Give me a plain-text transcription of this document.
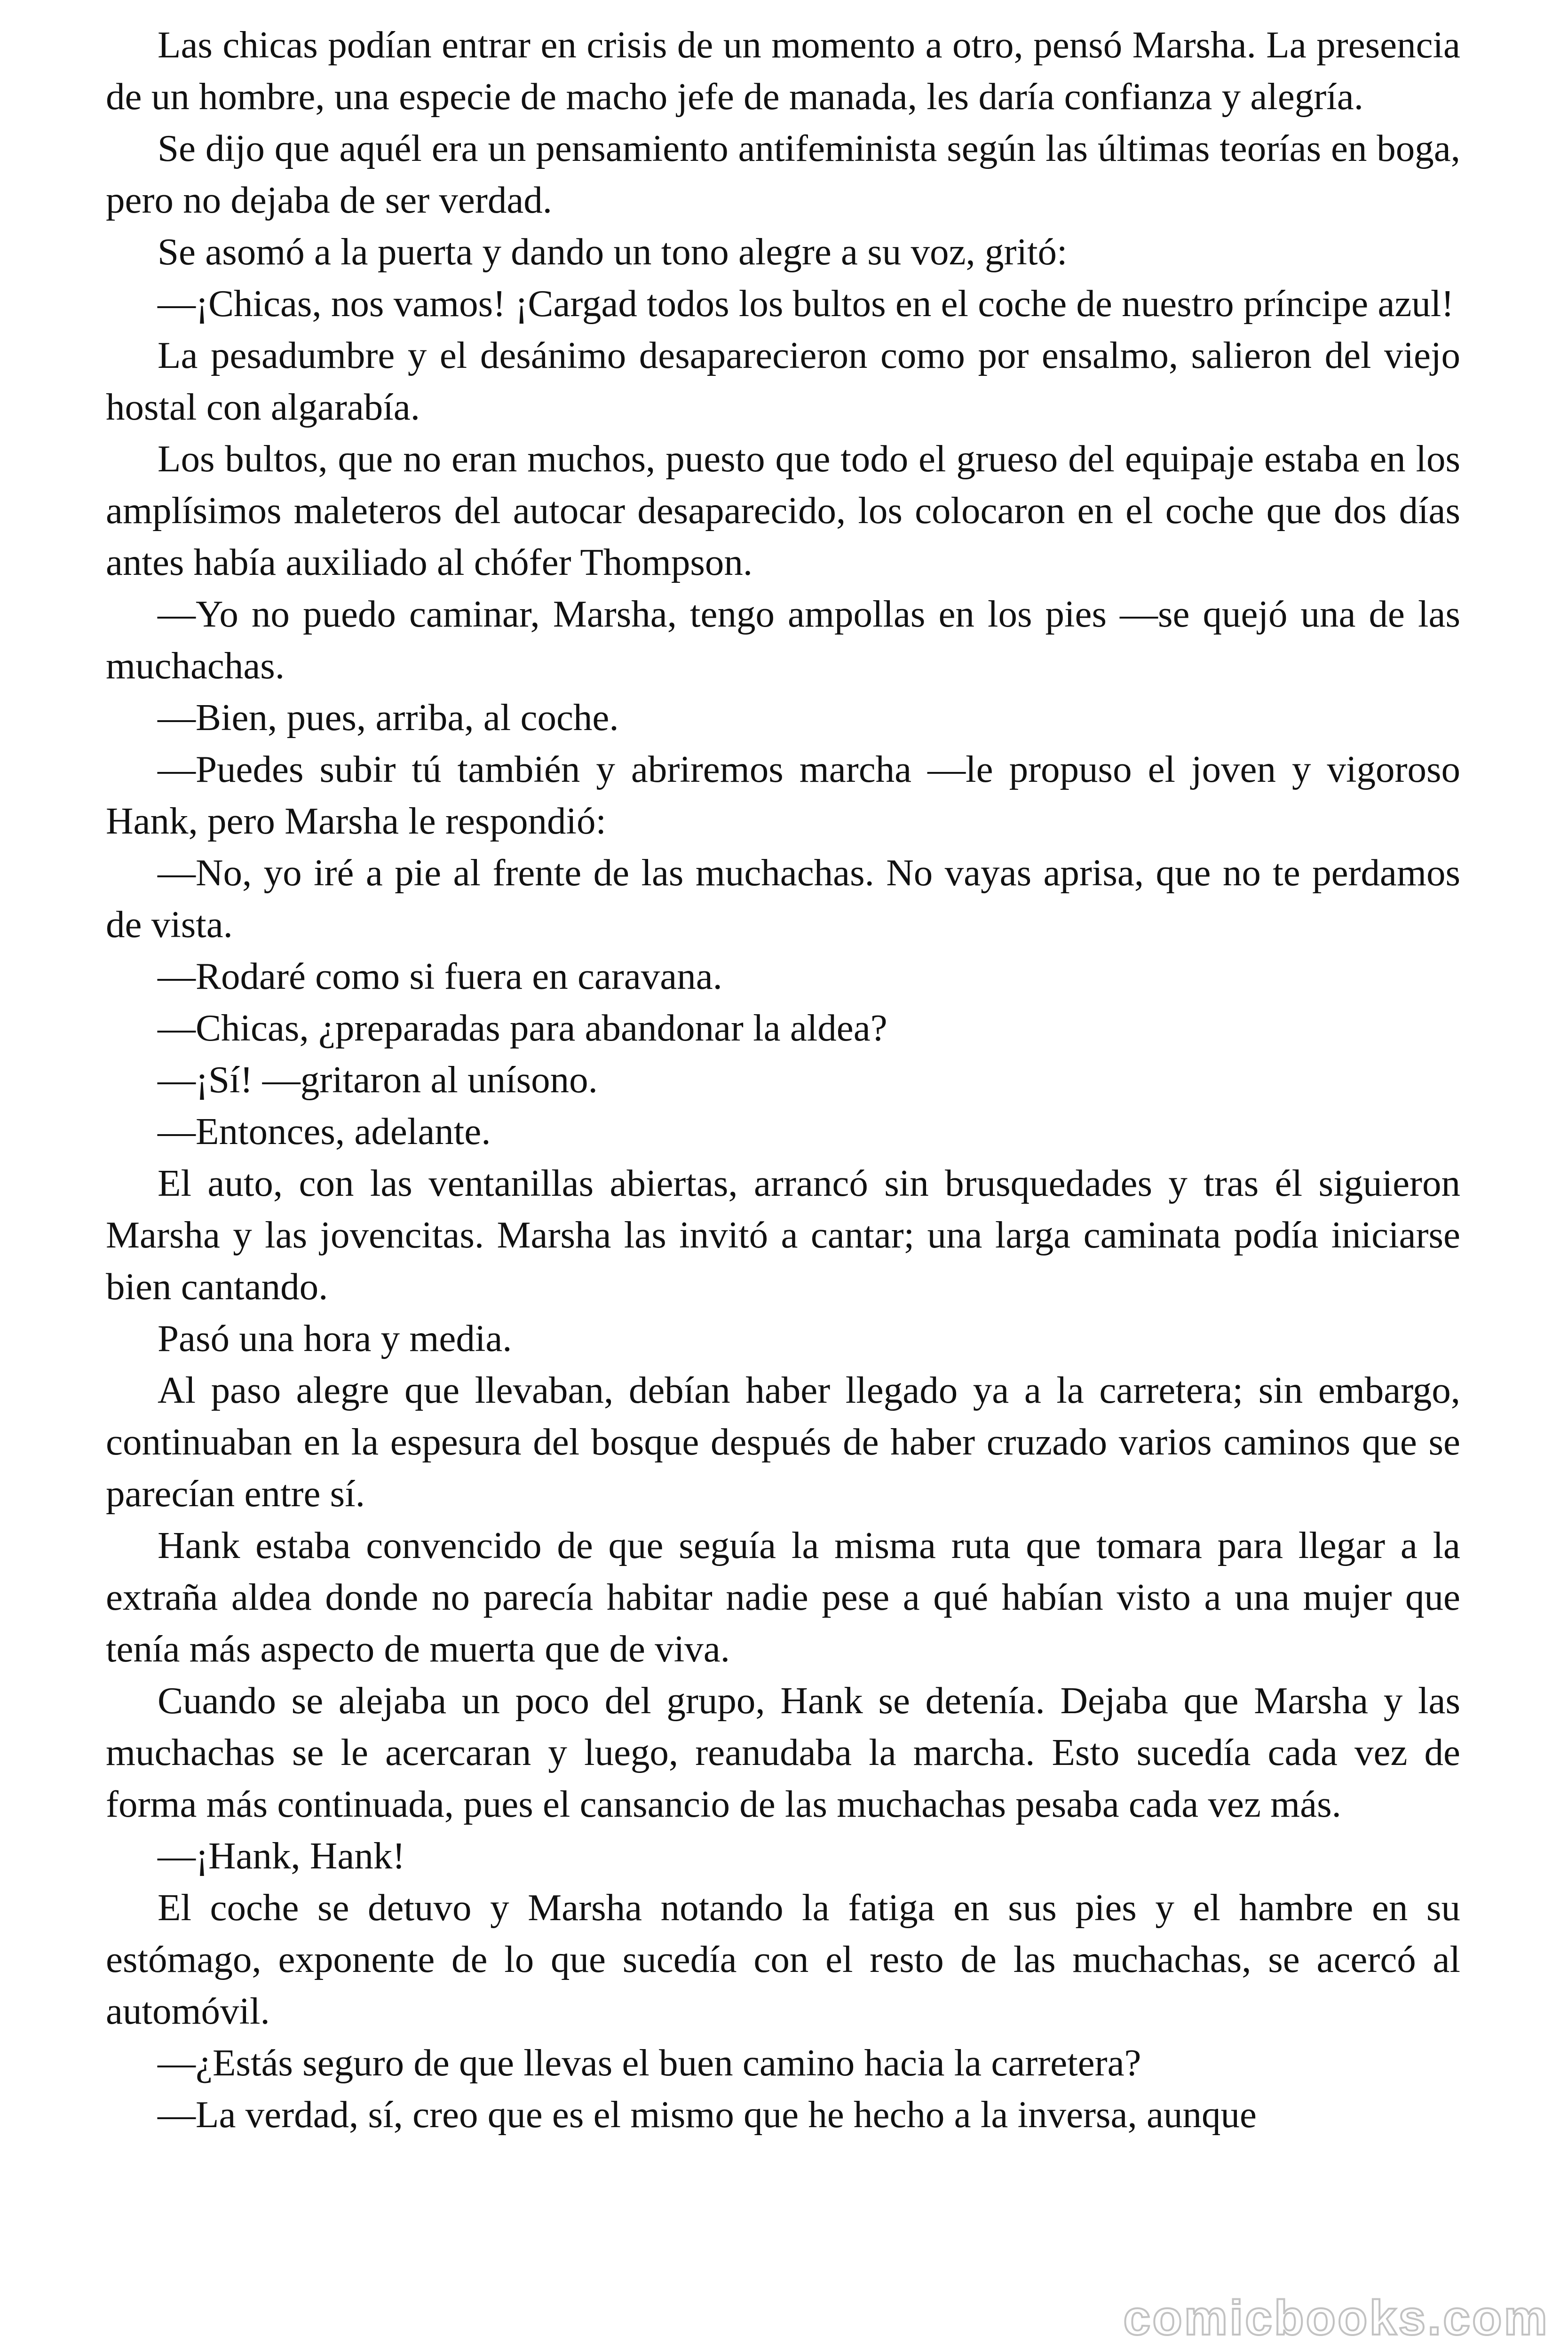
Las chicas podían entrar en crisis de un momento a otro, pensó Marsha. La presencia de un hombre, una especie de macho jefe de manada, les daría confianza y alegría.

Se dijo que aquél era un pensamiento antifeminista según las últimas teorías en boga, pero no dejaba de ser verdad.

Se asomó a la puerta y dando un tono alegre a su voz, gritó:

—¡Chicas, nos vamos! ¡Cargad todos los bultos en el coche de nuestro príncipe azul!

La pesadumbre y el desánimo desaparecieron como por ensalmo, salieron del viejo hostal con algarabía.

Los bultos, que no eran muchos, puesto que todo el grueso del equipaje estaba en los amplísimos maleteros del autocar desaparecido, los colocaron en el coche que dos días antes había auxiliado al chófer Thompson.

—Yo no puedo caminar, Marsha, tengo ampollas en los pies —se quejó una de las muchachas.

—Bien, pues, arriba, al coche.

—Puedes subir tú también y abriremos marcha —le propuso el joven y vigoroso Hank, pero Marsha le respondió:

—No, yo iré a pie al frente de las muchachas. No vayas aprisa, que no te perdamos de vista.

—Rodaré como si fuera en caravana.

—Chicas, ¿preparadas para abandonar la aldea?

—¡Sí! —gritaron al unísono.

—Entonces, adelante.

El auto, con las ventanillas abiertas, arrancó sin brusquedades y tras él siguieron Marsha y las jovencitas. Marsha las invitó a cantar; una larga caminata podía iniciarse bien cantando.

Pasó una hora y media.

Al paso alegre que llevaban, debían haber llegado ya a la carretera; sin embargo, continuaban en la espesura del bosque después de haber cruzado varios caminos que se parecían entre sí.

Hank estaba convencido de que seguía la misma ruta que tomara para llegar a la extraña aldea donde no parecía habitar nadie pese a qué habían visto a una mujer que tenía más aspecto de muerta que de viva.

Cuando se alejaba un poco del grupo, Hank se detenía. Dejaba que Marsha y las muchachas se le acercaran y luego, reanudaba la marcha. Esto sucedía cada vez de forma más continuada, pues el cansancio de las muchachas pesaba cada vez más.

—¡Hank, Hank!

El coche se detuvo y Marsha notando la fatiga en sus pies y el hambre en su estómago, exponente de lo que sucedía con el resto de las muchachas, se acercó al automóvil.

—¿Estás seguro de que llevas el buen camino hacia la carretera?

—La verdad, sí, creo que es el mismo que he hecho a la inversa, aunque

comicbooks.com
